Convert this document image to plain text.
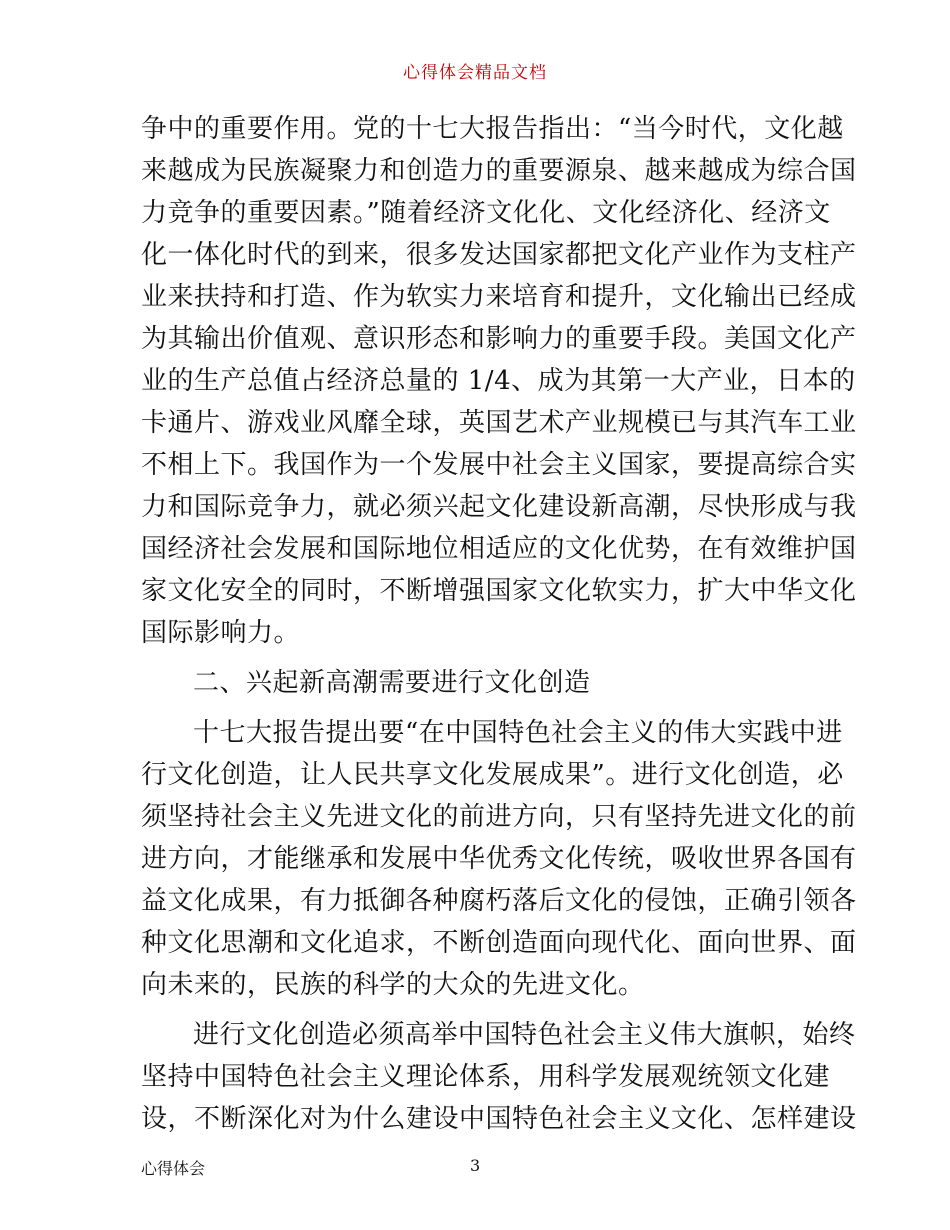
心得体会精品文档
争中的重要作用。党的十七大报告指出：“当今时代，文化越
来越成为民族凝聚力和创造力的重要源泉、越来越成为综合国
力竞争的重要因素。”随着经济文化化、文化经济化、经济文
化一体化时代的到来，很多发达国家都把文化产业作为支柱产
业来扶持和打造、作为软实力来培育和提升，文化输出已经成
为其输出价值观、意识形态和影响力的重要手段。美国文化产
业的生产总值占经济总量的 1/4、成为其第一大产业，日本的
卡通片、游戏业风靡全球，英国艺术产业规模已与其汽车工业
不相上下。我国作为一个发展中社会主义国家，要提高综合实
力和国际竞争力，就必须兴起文化建设新高潮，尽快形成与我
国经济社会发展和国际地位相适应的文化优势，在有效维护国
家文化安全的同时，不断增强国家文化软实力，扩大中华文化
国际影响力。
二、兴起新高潮需要进行文化创造
十七大报告提出要“在中国特色社会主义的伟大实践中进
行文化创造，让人民共享文化发展成果”。进行文化创造，必
须坚持社会主义先进文化的前进方向，只有坚持先进文化的前
进方向，才能继承和发展中华优秀文化传统，吸收世界各国有
益文化成果，有力抵御各种腐朽落后文化的侵蚀，正确引领各
种文化思潮和文化追求，不断创造面向现代化、面向世界、面
向未来的，民族的科学的大众的先进文化。
进行文化创造必须高举中国特色社会主义伟大旗帜，始终
坚持中国特色社会主义理论体系，用科学发展观统领文化建
设，不断深化对为什么建设中国特色社会主义文化、怎样建设
心得体会	3
